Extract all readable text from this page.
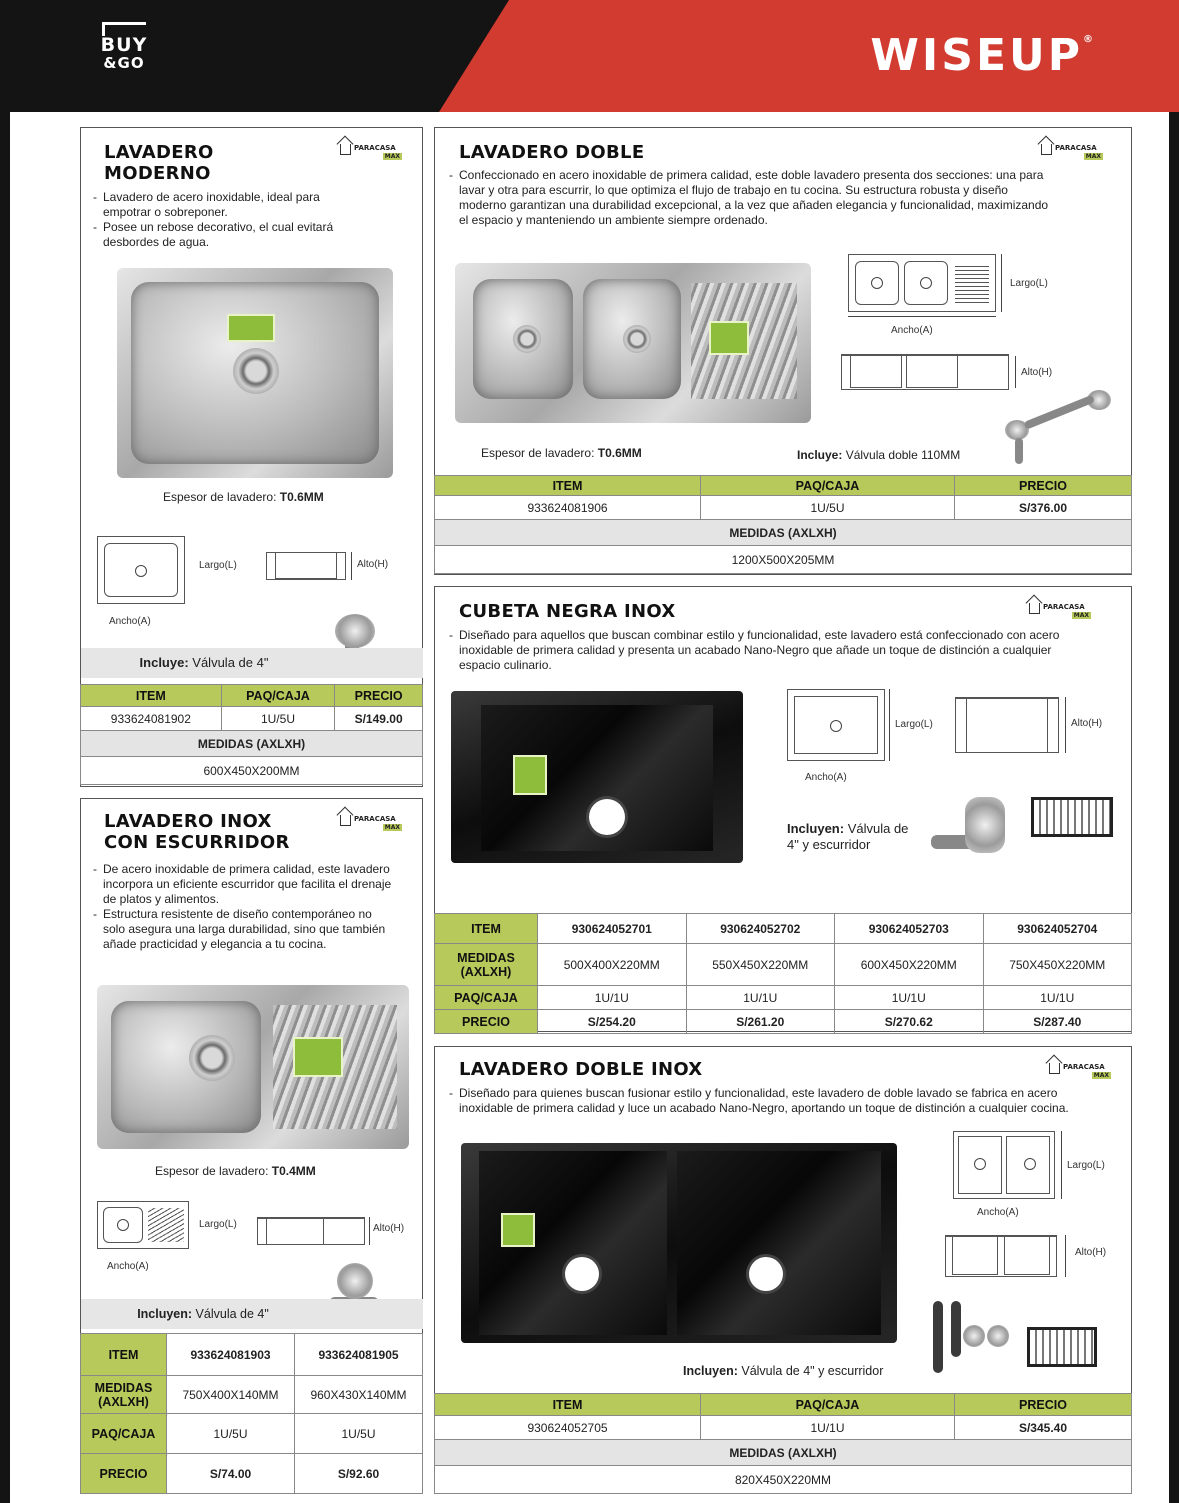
BUY
&GO	WISEUP®
LAVADERO
MODERNO
PARACASA
MAX
- Lavadero de acero inoxidable, ideal para empotrar o sobreponer.
- Posee un rebose decorativo, el cual evitará desbordes de agua.
Espesor de lavadero: T0.6MM
Largo(L)
Ancho(A)
Alto(H)
Incluye: Válvula de 4"
ITEM	PAQ/CAJA	PRECIO
933624081902	1U/5U	S/149.00
MEDIDAS (AXLXH)		
600X450X200MM		
LAVADERO DOBLE	PARACASA
MAX
- Confeccionado en acero inoxidable de primera calidad, este doble lavadero presenta dos secciones: una para lavar y otra para escurrir, lo que optimiza el flujo de trabajo en tu cocina. Su estructura robusta y diseño moderno garantizan una durabilidad excepcional, a la vez que añaden elegancia y funcionalidad, maximizando el espacio y manteniendo un ambiente siempre ordenado.
Largo(L)
Ancho(A)
Alto(H)
Espesor de lavadero: T0.6MM	Incluye: Válvula doble 110MM
ITEM	PAQ/CAJA	PRECIO
933624081906	1U/5U	S/376.00
MEDIDAS (AXLXH)		
1200X500X205MM		
CUBETA NEGRA INOX	PARACASA
MAX
- Diseñado para aquellos que buscan combinar estilo y funcionalidad, este lavadero está confeccionado con acero inoxidable de primera calidad y presenta un acabado Nano-Negro que añade un toque de distinción a cualquier espacio culinario.
Largo(L)
Ancho(A)
Alto(H)
Incluyen: Válvula de
4" y escurridor
ITEM	930624052701	930624052702	930624052703	930624052704

MEDIDAS
(AXLXH)	500X400X220MM	550X450X220MM	600X450X220MM	750X450X220MM
PAQ/CAJA	1U/1U	1U/1U	1U/1U	1U/1U
PRECIO	S/254.20	S/261.20	S/270.62	S/287.40
LAVADERO INOX
CON ESCURRIDOR
PARACASA
MAX
- De acero inoxidable de primera calidad, este lavadero incorpora un eficiente escurridor que facilita el drenaje de platos y alimentos.
- Estructura resistente de diseño contemporáneo no solo asegura una larga durabilidad, sino que también añade practicidad y elegancia a tu cocina.
Espesor de lavadero: T0.4MM
Largo(L)
Ancho(A)
Alto(H)
Incluyen: Válvula de 4"
ITEM	933624081903	933624081905

MEDIDAS
(AXLXH)	750X400X140MM	960X430X140MM
PAQ/CAJA	1U/5U	1U/5U
PRECIO	S/74.00	S/92.60
LAVADERO DOBLE INOX	PARACASA
MAX
- Diseñado para quienes buscan fusionar estilo y funcionalidad, este lavadero de doble lavado se fabrica en acero inoxidable de primera calidad y luce un acabado Nano-Negro, aportando un toque de distinción a cualquier cocina.
Largo(L)
Ancho(A)
Alto(H)
Incluyen: Válvula de 4" y escurridor
ITEM	PAQ/CAJA	PRECIO
930624052705	1U/1U	S/345.40
MEDIDAS (AXLXH)		
820X450X220MM		
